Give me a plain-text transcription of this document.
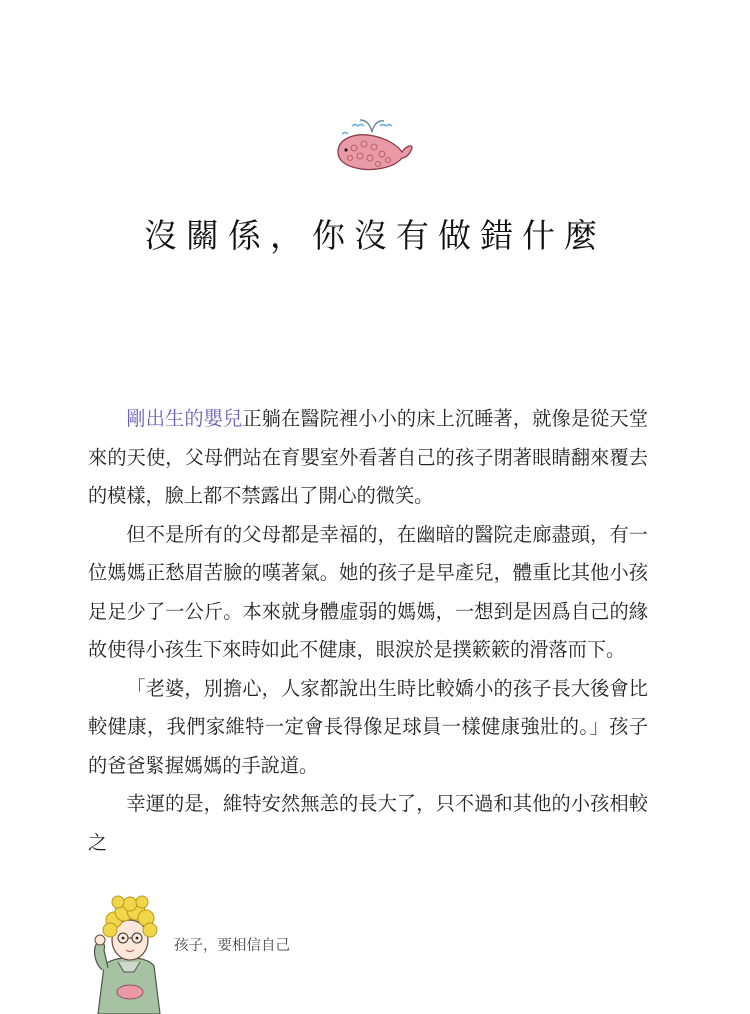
沒關係，你沒有做錯什麼

剛出生的嬰兒正躺在醫院裡小小的床上沉睡著，就像是從天堂來的天使，父母們站在育嬰室外看著自己的孩子閉著眼睛翻來覆去的模樣，臉上都不禁露出了開心的微笑。

但不是所有的父母都是幸福的，在幽暗的醫院走廊盡頭，有一位媽媽正愁眉苦臉的嘆著氣。她的孩子是早產兒，體重比其他小孩足足少了一公斤。本來就身體虛弱的媽媽，一想到是因爲自己的緣故使得小孩生下來時如此不健康，眼淚於是撲簌簌的滑落而下。

「老婆，別擔心，人家都說出生時比較嬌小的孩子長大後會比較健康，我們家維特一定會長得像足球員一樣健康強壯的。」孩子的爸爸緊握媽媽的手說道。

幸運的是，維特安然無恙的長大了，只不過和其他的小孩相較之

孩子，要相信自己
